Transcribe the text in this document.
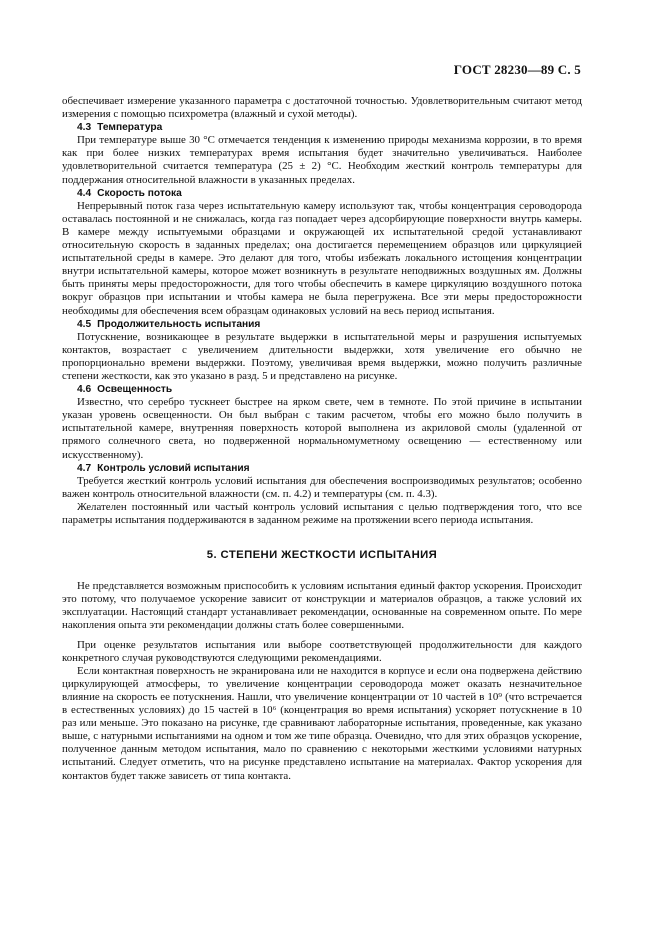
ГОСТ 28230—89 С. 5

обеспечивает измерение указанного параметра с достаточной точностью. Удовлетворительным считают метод измерения с помощью психрометра (влажный и сухой методы).

4.3 Температура

При температуре выше 30 °С отмечается тенденция к изменению природы механизма коррозии, в то время как при более низких температурах время испытания будет значительно увеличиваться. Наиболее удовлетворительной считается температура (25 ± 2) °С. Необходим жесткий контроль температуры для поддержания относительной влажности в указанных пределах.

4.4 Скорость потока

Непрерывный поток газа через испытательную камеру используют так, чтобы концентрация сероводорода оставалась постоянной и не снижалась, когда газ попадает через адсорбирующие поверхности внутрь камеры. В камере между испытуемыми образцами и окружающей их испытательной средой устанавливают относительную скорость в заданных пределах; она достигается перемещением образцов или циркуляцией испытательной среды в камере. Это делают для того, чтобы избежать локального истощения концентрации внутри испытательной камеры, которое может возникнуть в результате неподвижных воздушных ям. Должны быть приняты меры предосторожности, для того чтобы обеспечить в камере циркуляцию воздушного потока вокруг образцов при испытании и чтобы камера не была перегружена. Все эти меры предосторожности необходимы для обеспечения всем образцам одинаковых условий на весь период испытания.

4.5 Продолжительность испытания

Потускнение, возникающее в результате выдержки в испытательной меры и разрушения испытуемых контактов, возрастает с увеличением длительности выдержки, хотя увеличение его обычно не пропорционально времени выдержки. Поэтому, увеличивая время выдержки, можно получить различные степени жесткости, как это указано в разд. 5 и представлено на рисунке.

4.6 Освещенность

Известно, что серебро тускнеет быстрее на ярком свете, чем в темноте. По этой причине в испытании указан уровень освещенности. Он был выбран с таким расчетом, чтобы его можно было получить в испытательной камере, внутренняя поверхность которой выполнена из акриловой смолы (удаленной от прямого солнечного света, но подверженной нормальномуметному освещению — естественному или искусственному).

4.7 Контроль условий испытания

Требуется жесткий контроль условий испытания для обеспечения воспроизводимых результатов; особенно важен контроль относительной влажности (см. п. 4.2) и температуры (см. п. 4.3).

Желателен постоянный или частый контроль условий испытания с целью подтверждения того, что все параметры испытания поддерживаются в заданном режиме на протяжении всего периода испытания.

5. СТЕПЕНИ ЖЕСТКОСТИ ИСПЫТАНИЯ

Не представляется возможным приспособить к условиям испытания единый фактор ускорения. Происходит это потому, что получаемое ускорение зависит от конструкции и материалов образцов, а также условий их эксплуатации. Настоящий стандарт устанавливает рекомендации, основанные на современном опыте. По мере накопления опыта эти рекомендации должны стать более совершенными.

При оценке результатов испытания или выборе соответствующей продолжительности для каждого конкретного случая руководствуются следующими рекомендациями.

Если контактная поверхность не экранирована или не находится в корпусе и если она подвержена действию циркулирующей атмосферы, то увеличение концентрации сероводорода может оказать незначительное влияние на скорость ее потускнения. Нашли, что увеличение концентрации от 10 частей в 10⁹ (что встречается в естественных условиях) до 15 частей в 10⁶ (концентрация во время испытания) ускоряет потускнение в 10 раз или меньше. Это показано на рисунке, где сравнивают лабораторные испытания, проведенные, как указано выше, с натурными испытаниями на одном и том же типе образца. Очевидно, что для этих образцов ускорение, полученное данным методом испытания, мало по сравнению с некоторыми жесткими условиями натурных испытаний. Следует отметить, что на рисунке представлено испытание на материалах. Фактор ускорения для контактов будет также зависеть от типа контакта.
